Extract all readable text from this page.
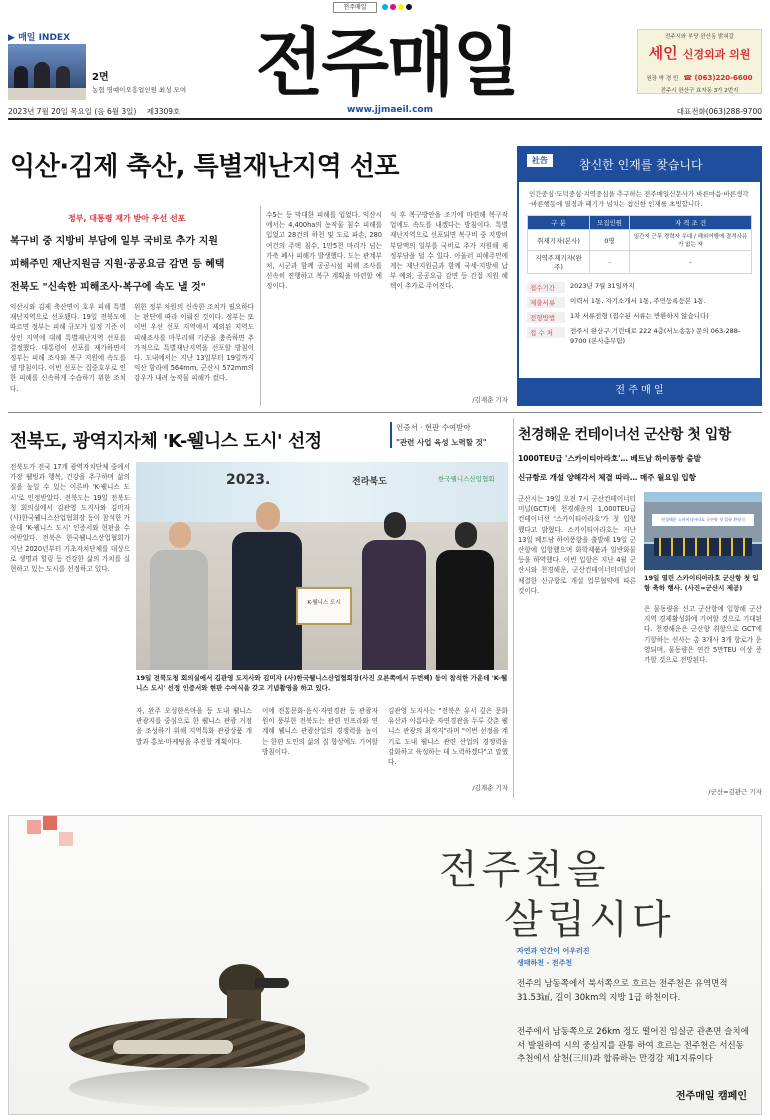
전주매일

▶ 매일 INDEX
2면
농협 명예이오흥업인원 최성 모여 전주매일	전주시와 부당 완산동 밝혀갈
세인 신경외과 의원
원장 박 경 민 ☎ (063)220-6600
전주시 완산구 효자동 3가 2번지
2023년 7월 20일 목요일 (음 6월 3일) 제3309호	www.jjmaeil.com	대표전화(063)288-9700
익산·김제 축산, 특별재난지역 선포
정부, 대통령 재가 받아 우선 선포
복구비 중 지방비 부담에 일부 국비로 추가 지원
피해주민 재난지원금 지원·공공요금 감면 등 혜택
전북도 "신속한 피해조사·복구에 속도 낼 것"
익산시와 김제 축산면이 호우 피해 특별재난지역으로 선포됐다. 19일 전북도에 따르면 정부는 피해 규모가 일정 기준 이상인 지역에 대해 특별재난지역 선포를 결정했다. 대통령이 선포를 재가하면서 정부는 피해 조사와 복구 지원에 속도를 낼 방침이다. 이번 선포는 집중호우로 인한 피해를 신속하게 수습하기 위한 조치다.
위한 정부 차원의 신속한 조치가 필요하다는 판단에 따라 이뤄진 것이다. 정부는 또 이번 우선 선포 지역에서 제외된 지역도 피해조사를 마무리해 기준을 충족하면 추가적으로 특별재난지역을 선포할 방침이다. 도내에서는 지난 13일부터 19일까지 익산 함라에 564mm, 군산시 572mm의 강우가 내려 농작물 피해가 컸다.
수5는 등 막대한 피해를 입었다. 익산시에서는 4,400ha의 농작물 침수 피해를 입었고 28건의 하천 및 도로 파손, 280여건의 주택 침수, 1만5천 마리가 넘는 가축 폐사 피해가 발생했다. 도는 관계부처, 시군과 함께 공공시설 피해 조사를 신속히 진행하고 복구 계획을 마련할 예정이다.
석 후 복구방안을 조기에 마련해 복구작업에도 속도를 내겠다는 방침이다. 특별재난지역으로 선포되면 복구비 중 지방비 부담액의 일부를 국비로 추가 지원해 재정부담을 덜 수 있다. 아울러 피해주민에게는 재난지원금과 함께 국세·지방세 납부 예외, 공공요금 감면 등 간접 지원 혜택이 추가로 주어진다.
/김재춘 기자
社告	참신한 인재를 찾습니다
인간중심·도덕중심·지역중심을 추구하는 전주매일신문사가 바른마음·바른생각·바른행동에 열정과 패기가 넘치는 참신한 인재를 초빙합니다.
구 분	모집인원	자 격 조 건
취재기자(본사)	0명	일간지 근무 경력자 우대 / 해외여행에 결격사유가 없는 자
지역주재기자(완주)	-	-
접수기간	2023년 7월 31일까지
제출서류	이력서 1통, 자기소개서 1통, 주민등록등본 1통.
전형방법	1차 서류전형 (접수된 서류는 반환하지 않습니다)
접 수 처	전주시 완산구 기린대로 222 4층(서노송동) 문의 063-288-9700 (본사총무팀)
전 주 매 일
전북도, 광역지자체 'K-웰니스 도시' 선정
인증서 · 현판 수여받아
"관련 사업 육성 노력할 것"
전북도가 전국 17개 광역자치단체 중에서 가장 웰빙과 행복, 건강을 추구하며 삶의 질을 높일 수 있는 이른바 'K-웰니스 도시'로 인정받았다. 전북도는 19일 전북도청 회의실에서 김관영 도지사와 김미자 (사)한국웰니스산업협회장 등이 참석한 가운데 'K-웰니스 도시' 인증서와 현판을 수여받았다. 전북은 한국웰니스산업협회가 지난 2020년부터 기초자치단체를 대상으로 생명과 힐링 등 건강한 삶의 가치를 실현하고 있는 도시를 선정하고 있다.
2023.	전라북도	한국웰니스산업협회
K-웰니스 도시
19일 전북도청 회의실에서 김관영 도지사와 김미자 (사)한국웰니스산업협회장(사진 오른쪽에서 두번째) 등이 참석한 가운데 'K-웰니스 도시' 선정 인증서와 현판 수여식을 갖고 기념촬영을 하고 있다.
자, 완주 오성한옥마을 등 도내 웰니스 관광지를 중심으로 한 웰니스 관광 거점을 조성하기 위해 지역특화 관광상품 개발과 홍보·마케팅을 추진할 계획이다.
이에 전통문화·음식·자연경관 등 관광자원이 풍부한 전북도는 관련 인프라와 연계해 웰니스 관광산업의 경쟁력을 높이는 한편 도민의 삶의 질 향상에도 기여할 방침이다.
김관영 도지사는 "전북은 유서 깊은 문화유산과 아름다운 자연경관을 두루 갖춘 웰니스 관광의 최적지"라며 "이번 선정을 계기로 도내 웰니스 관련 산업의 경쟁력을 강화하고 육성하는 데 노력하겠다"고 말했다.
/김재춘 기자
천경해운 컨테이너선 군산항 첫 입항
1000TEU급 '스카이티아라호'… 베트남 하이퐁항 출발
신규항로 개설 양해각서 체결 따라… 매주 월요일 입항
군산시는 19일 오전 7시 군산컨테이너터미널(GCT)에 천경해운의 1,000TEU급 컨테이너선 '스카이티아라호'가 첫 입항했다고 밝혔다. 스카이티아라호는 지난 13일 베트남 하이퐁항을 출발해 19일 군산항에 입항했으며 화학제품과 일반화물 등을 하역했다. 이번 입항은 지난 4월 군산시와 천경해운, 군산컨테이너터미널이 체결한 신규항로 개설 업무협약에 따른 것이다.
천경해운 스카이티아라호 군산항 첫 입항 환영식
19일 열린 스카이티아라호 군산항 첫 입항 축하 행사. (사진=군산시 제공)
은 물동량을 신고 군산항에 입항해 군산지역 경제활성화에 기여할 것으로 기대된다. 천경해운은 군산항 취항으로 GCT에 기항하는 선사는 총 3개사 3개 항로가 운영되며, 물동량은 연간 5만TEU 이상 증가할 것으로 전망된다.
/군산=김관근 기자
전주천을
살립시다
자연과 인간이 어우러진
생태하천 - 전주천
전주의 남동쪽에서 북서쪽으로 흐르는 전주천은 유역면적 31.53㎢, 길이 30km의 지방 1급 하천이다.
전주에서 남동쪽으로 26km 정도 떨어진 임실군 관촌면 슬치에서 발원하여 시의 중심지를 관통 하여 흐르는 전주천은 서신동 추천에서 삼천(三川)과 합류하는 만경강 제1지류이다
전주매일 캠페인
